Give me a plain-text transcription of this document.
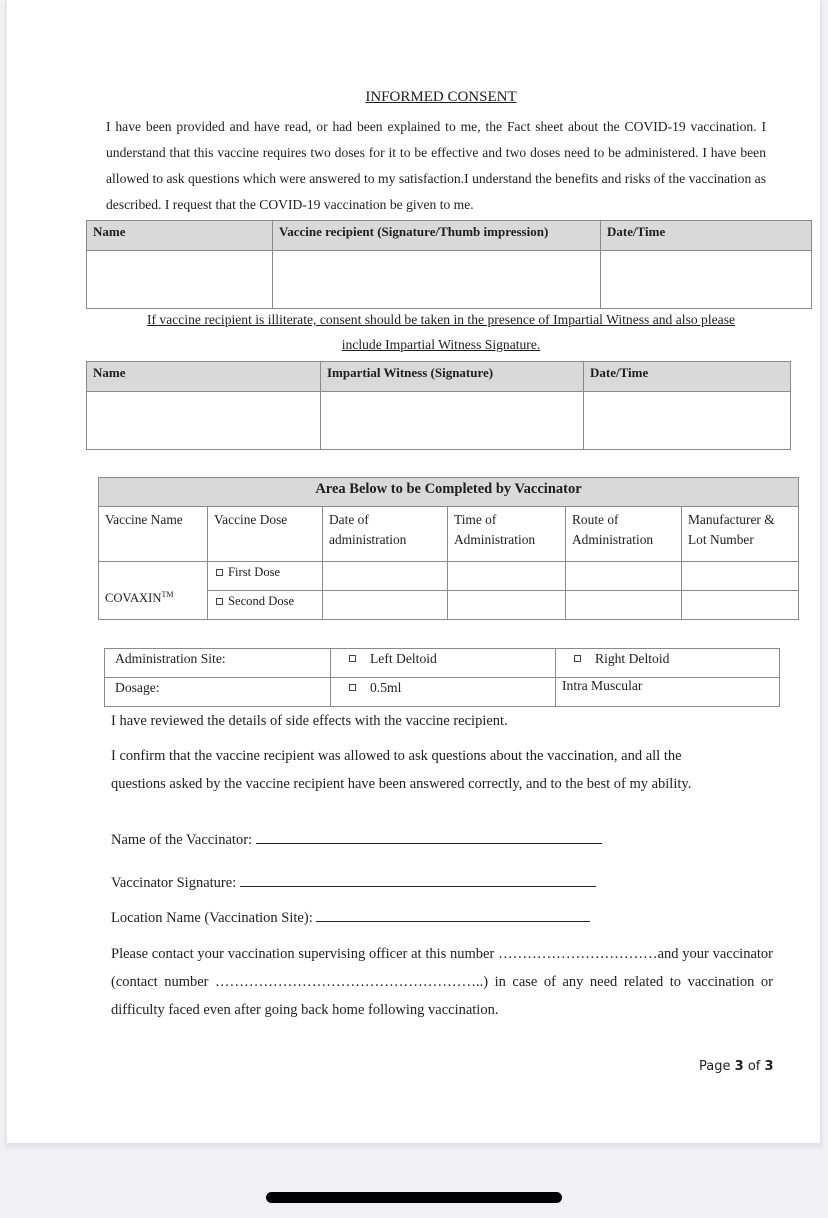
INFORMED CONSENT
I have been provided and have read, or had been explained to me, the Fact sheet about the COVID-19 vaccination. I understand that this vaccine requires two doses for it to be effective and two doses need to be administered. I have been allowed to ask questions which were answered to my satisfaction.I understand the benefits and risks of the vaccination as described. I request that the COVID-19 vaccination be given to me.
Name	Vaccine recipient (Signature/Thumb impression)	Date/Time

If vaccine recipient is illiterate, consent should be taken in the presence of Impartial Witness and also please
include Impartial Witness Signature.
Name	Impartial Witness (Signature)	Date/Time

Area Below to be Completed by Vaccinator					
Vaccine Name	Vaccine Dose	Date of administration	Time of Administration	Route of Administration	Manufacturer & Lot Number
COVAXIN™	First Dose				
	Second Dose				
Administration Site:	Left Deltoid	Right Deltoid
Dosage:	0.5ml	Intra Muscular
I have reviewed the details of side effects with the vaccine recipient.
I confirm that the vaccine recipient was allowed to ask questions about the vaccination, and all the questions asked by the vaccine recipient have been answered correctly, and to the best of my ability.
Name of the Vaccinator:
Vaccinator Signature:
Location Name (Vaccination Site):
Please contact your vaccination supervising officer at this number ……………………………and your vaccinator (contact number ………………………………………………..) in case of any need related to vaccination or difficulty faced even after going back home following vaccination.
Page 3 of 3
